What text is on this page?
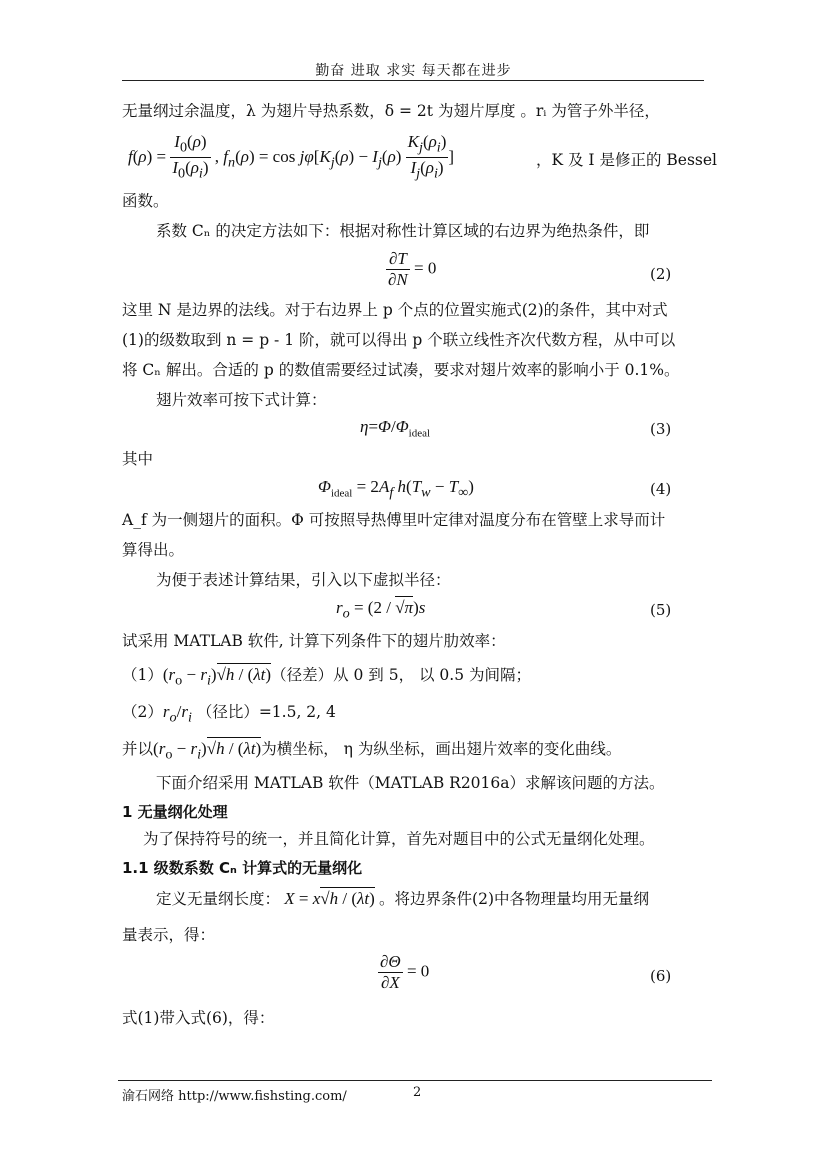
勤奋 进取 求实 每天都在进步
无量纲过余温度，λ 为翅片导热系数，δ = 2t 为翅片厚度 。rᵢ 为管子外半径，
$f(\rho) = \frac{I_0(\rho)}{I_0(\rho_i)}$ , $f_n(\rho) = \cos j\varphi[K_j(\rho) - I_j(\rho) \frac{K_j(\rho_i)}{I_j(\rho_i)}$ ]	，K 及 I 是修正的 Bessel
函数。
系数 Cₙ 的决定方法如下：根据对称性计算区域的右边界为绝热条件，即
$\frac{\partial T}{\partial N} = 0$	(2)
这里 N 是边界的法线。对于右边界上 p 个点的位置实施式(2)的条件，其中对式
(1)的级数取到 n = p - 1 阶，就可以得出 p 个联立线性齐次代数方程，从中可以
将 Cₙ 解出。合适的 p 的数值需要经过试凑，要求对翅片效率的影响小于 0.1%。
翅片效率可按下式计算：
$\eta=\Phi/\Phi_{ideal}$	(3)
其中
$\Phi_{ideal} = 2A_f$ $h(T_w - T_\infty)$	(4)
A_f 为一侧翅片的面积。Φ 可按照导热傅里叶定律对温度分布在管壁上求导而计
算得出。
为便于表述计算结果，引入以下虚拟半径：
$r_o = (2 / √\pi)s$	(5)
试采用 MATLAB 软件, 计算下列条件下的翅片肋效率：
$(1)(r_o - r_i)√h / (\lambda t)$（径差）从 0 到 5， 以 0.5 为间隔；
$(2)r_o/r_i$ （径比）=1.5, 2, 4
并以$(r_o - r_i)√h / (\lambda t)$为横坐标， η 为纵坐标，画出翅片效率的变化曲线。
下面介绍采用 MATLAB 软件（MATLAB R2016a）求解该问题的方法。
1 无量纲化处理
为了保持符号的统一，并且简化计算，首先对题目中的公式无量纲化处理。
1.1 级数系数 Cₙ 计算式的无量纲化
定义无量纲长度： X = x√h / (λt) 。将边界条件(2)中各物理量均用无量纲
量表示，得：
$\frac{\partial\Theta}{\partial X} = 0$	(6)
式(1)带入式(6)，得：
渝石网络 http://www.fishsting.com/	2
